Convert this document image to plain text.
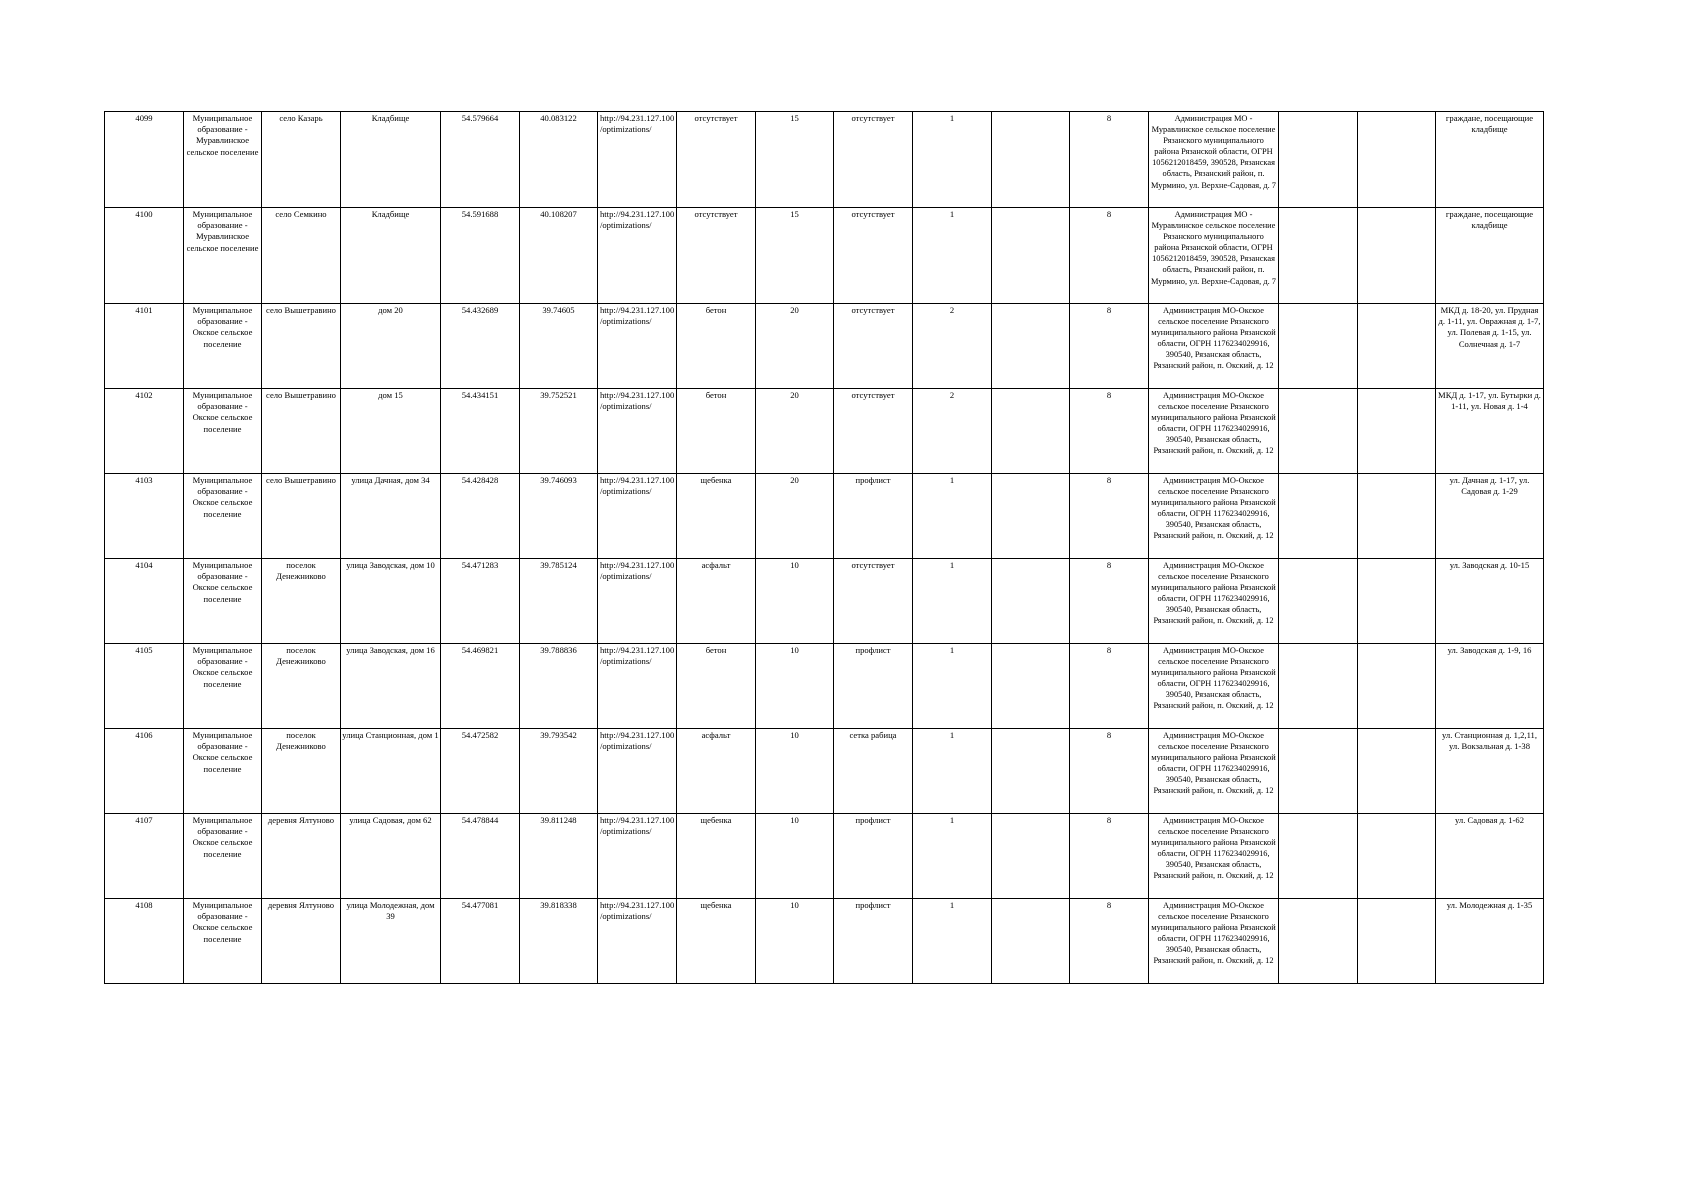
4099	Муниципальное образование - Муравлинское сельское поселение	село Казарь	Кладбище	54.579664	40.083122	http://94.231.127.100/optimizations/	отсутствует	15	отсутствует	1		8	Администрация МО - Муравлинское сельское поселение Рязанского муниципального района Рязанской области, ОГРН 1056212018459, 390528, Рязанская область, Рязанский район, п. Мурмино, ул. Верхне-Садовая, д. 7			граждане, посещающие кладбище
4100	Муниципальное образование - Муравлинское сельское поселение	село Семкино	Кладбище	54.591688	40.108207	http://94.231.127.100/optimizations/	отсутствует	15	отсутствует	1		8	Администрация МО - Муравлинское сельское поселение Рязанского муниципального района Рязанской области, ОГРН 1056212018459, 390528, Рязанская область, Рязанский район, п. Мурмино, ул. Верхне-Садовая, д. 7			граждане, посещающие кладбище
4101	Муниципальное образование - Окское сельское поселение	село Вышетравино	дом 20	54.432689	39.74605	http://94.231.127.100/optimizations/	бетон	20	отсутствует	2		8	Администрация МО-Окское сельское поселение Рязанского муниципального района Рязанской области, ОГРН 1176234029916, 390540, Рязанская область, Рязанский район, п. Окский, д. 12			МКД д. 18-20, ул. Прудная д. 1-11, ул. Овражная д. 1-7, ул. Полевая д. 1-15, ул. Солнечная д. 1-7
4102	Муниципальное образование - Окское сельское поселение	село Вышетравино	дом 15	54.434151	39.752521	http://94.231.127.100/optimizations/	бетон	20	отсутствует	2		8	Администрация МО-Окское сельское поселение Рязанского муниципального района Рязанской области, ОГРН 1176234029916, 390540, Рязанская область, Рязанский район, п. Окский, д. 12			МКД д. 1-17, ул. Бутырки д. 1-11, ул. Новая д. 1-4
4103	Муниципальное образование - Окское сельское поселение	село Вышетравино	улица Дачная, дом 34	54.428428	39.746093	http://94.231.127.100/optimizations/	щебенка	20	профлист	1		8	Администрация МО-Окское сельское поселение Рязанского муниципального района Рязанской области, ОГРН 1176234029916, 390540, Рязанская область, Рязанский район, п. Окский, д. 12			ул. Дачная д. 1-17, ул. Садовая д. 1-29
4104	Муниципальное образование - Окское сельское поселение	поселок Денежниково	улица Заводская, дом 10	54.471283	39.785124	http://94.231.127.100/optimizations/	асфальт	10	отсутствует	1		8	Администрация МО-Окское сельское поселение Рязанского муниципального района Рязанской области, ОГРН 1176234029916, 390540, Рязанская область, Рязанский район, п. Окский, д. 12			ул. Заводская д. 10-15
4105	Муниципальное образование - Окское сельское поселение	поселок Денежниково	улица Заводская, дом 16	54.469821	39.788836	http://94.231.127.100/optimizations/	бетон	10	профлист	1		8	Администрация МО-Окское сельское поселение Рязанского муниципального района Рязанской области, ОГРН 1176234029916, 390540, Рязанская область, Рязанский район, п. Окский, д. 12			ул. Заводская д. 1-9, 16
4106	Муниципальное образование - Окское сельское поселение	поселок Денежниково	улица Станционная, дом 1	54.472582	39.793542	http://94.231.127.100/optimizations/	асфальт	10	сетка рабица	1		8	Администрация МО-Окское сельское поселение Рязанского муниципального района Рязанской области, ОГРН 1176234029916, 390540, Рязанская область, Рязанский район, п. Окский, д. 12			ул. Станционная д. 1,2,11, ул. Вокзальная д. 1-38
4107	Муниципальное образование - Окское сельское поселение	деревня Ялтуново	улица Садовая, дом 62	54.478844	39.811248	http://94.231.127.100/optimizations/	щебенка	10	профлист	1		8	Администрация МО-Окское сельское поселение Рязанского муниципального района Рязанской области, ОГРН 1176234029916, 390540, Рязанская область, Рязанский район, п. Окский, д. 12			ул. Садовая д. 1-62
4108	Муниципальное образование - Окское сельское поселение	деревня Ялтуново	улица Молодежная, дом 39	54.477081	39.818338	http://94.231.127.100/optimizations/	щебенка	10	профлист	1		8	Администрация МО-Окское сельское поселение Рязанского муниципального района Рязанской области, ОГРН 1176234029916, 390540, Рязанская область, Рязанский район, п. Окский, д. 12			ул. Молодежная д. 1-35
